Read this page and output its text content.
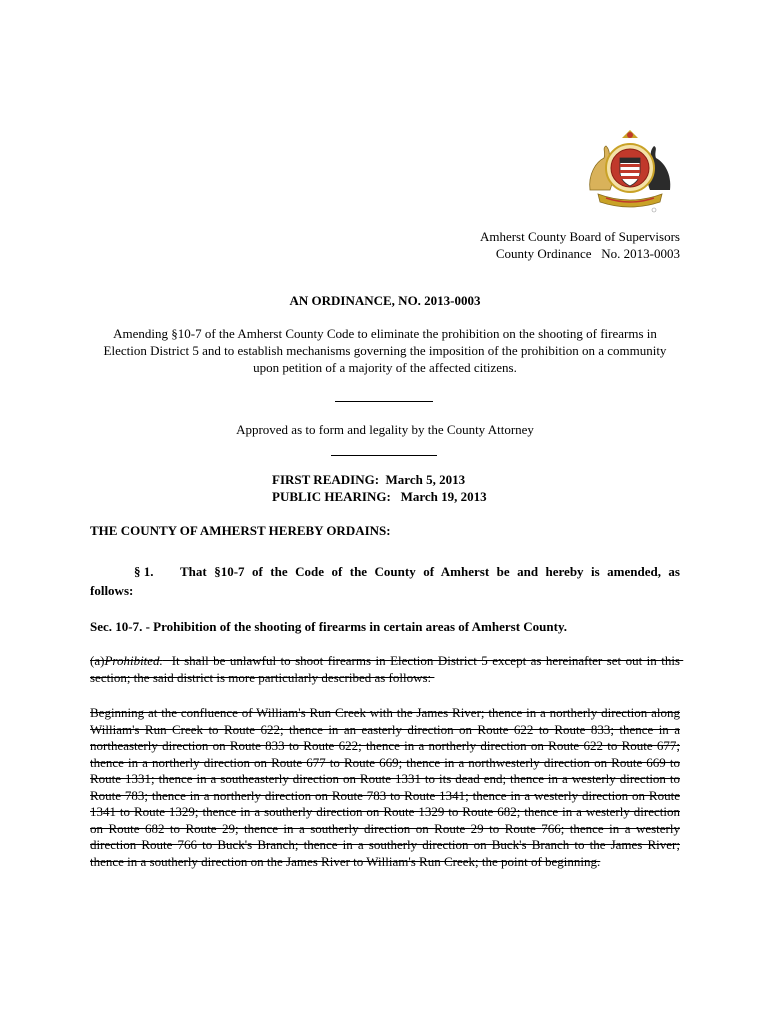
Amherst County Board of Supervisors
County Ordinance   No. 2013-0003
AN ORDINANCE, NO. 2013-0003
Amending §10-7 of the Amherst County Code to eliminate the prohibition on the shooting of firearms in Election District 5 and to establish mechanisms governing the imposition of the prohibition on a community upon petition of a majority of the affected citizens.
Approved as to form and legality by the County Attorney
FIRST READING:  March 5, 2013
PUBLIC HEARING:   March 19, 2013
THE COUNTY OF AMHERST HEREBY ORDAINS:
§ 1.	That §10-7 of the Code of the County of Amherst be and hereby is amended, as
follows:
Sec. 10-7. - Prohibition of the shooting of firearms in certain areas of Amherst County.
(a)Prohibited.  It shall be unlawful to shoot firearms in Election District 5 except as hereinafter set out in this section; the said district is more particularly described as follows:
Beginning at the confluence of William's Run Creek with the James River; thence in a northerly direction along William's Run Creek to Route 622; thence in an easterly direction on Route 622 to Route 833; thence in a northeasterly direction on Route 833 to Route 622; thence in a northerly direction on Route 622 to Route 677; thence in a northerly direction on Route 677 to Route 669; thence in a northwesterly direction on Route 669 to Route 1331; thence in a southeasterly direction on Route 1331 to its dead end; thence in a westerly direction to Route 783; thence in a northerly direction on Route 783 to Route 1341; thence in a westerly direction on Route 1341 to Route 1329; thence in a southerly direction on Route 1329 to Route 682; thence in a westerly direction on Route 682 to Route 29; thence in a southerly direction on Route 29 to Route 766; thence in a westerly direction Route 766 to Buck's Branch; thence in a southerly direction on Buck's Branch to the James River; thence in a southerly direction on the James River to William's Run Creek; the point of beginning.
